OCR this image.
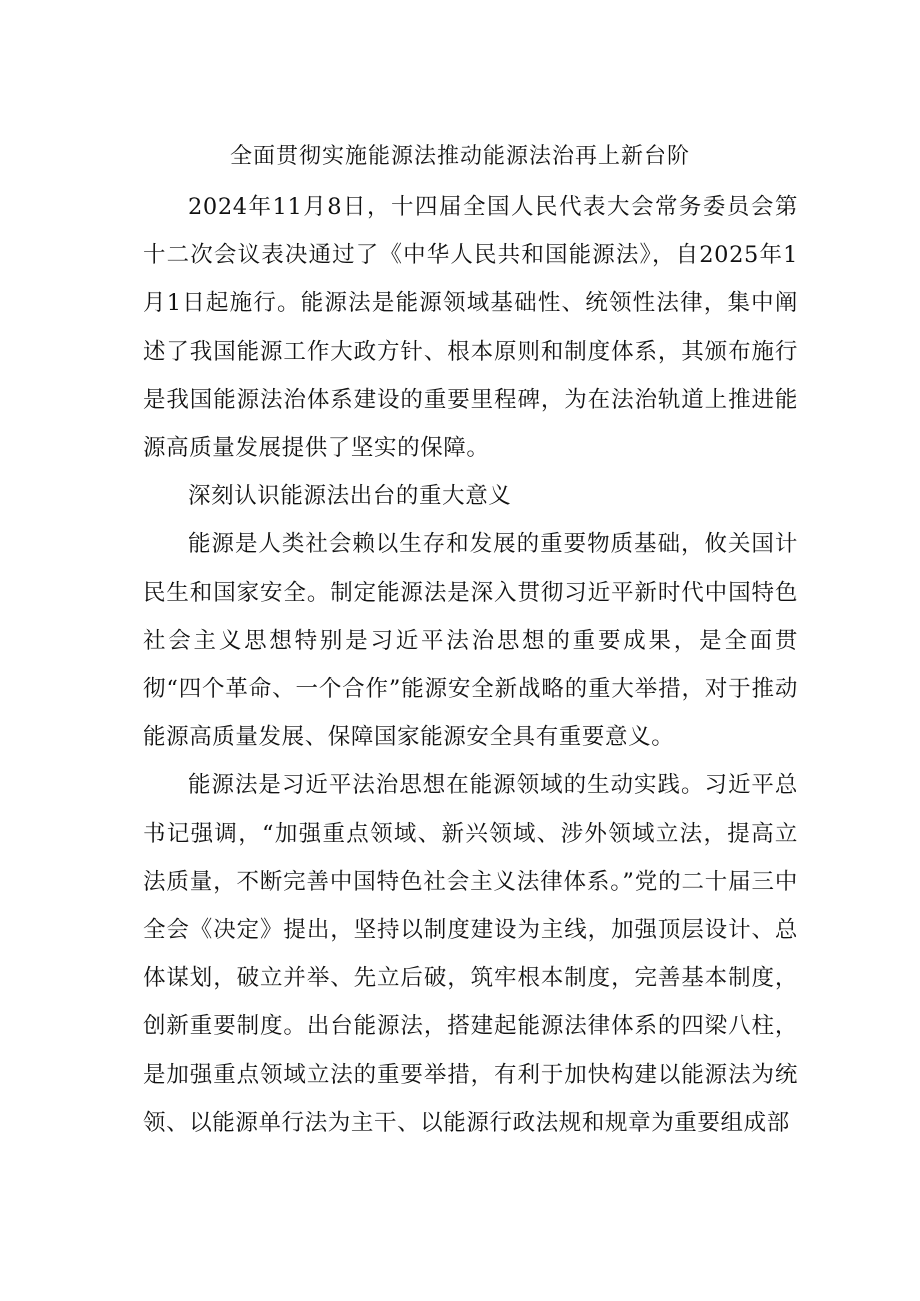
全面贯彻实施能源法推动能源法治再上新台阶

2024年11月8日，十四届全国人民代表大会常务委员会第十二次会议表决通过了《中华人民共和国能源法》，自2025年1月1日起施行。能源法是能源领域基础性、统领性法律，集中阐述了我国能源工作大政方针、根本原则和制度体系，其颁布施行是我国能源法治体系建设的重要里程碑，为在法治轨道上推进能源高质量发展提供了坚实的保障。

深刻认识能源法出台的重大意义

能源是人类社会赖以生存和发展的重要物质基础，攸关国计民生和国家安全。制定能源法是深入贯彻习近平新时代中国特色社会主义思想特别是习近平法治思想的重要成果，是全面贯彻“四个革命、一个合作”能源安全新战略的重大举措，对于推动能源高质量发展、保障国家能源安全具有重要意义。

能源法是习近平法治思想在能源领域的生动实践。习近平总书记强调，“加强重点领域、新兴领域、涉外领域立法，提高立法质量，不断完善中国特色社会主义法律体系。”党的二十届三中全会《决定》提出，坚持以制度建设为主线，加强顶层设计、总体谋划，破立并举、先立后破，筑牢根本制度，完善基本制度，创新重要制度。出台能源法，搭建起能源法律体系的四梁八柱，是加强重点领域立法的重要举措，有利于加快构建以能源法为统领、以能源单行法为主干、以能源行政法规和规章为重要组成部
